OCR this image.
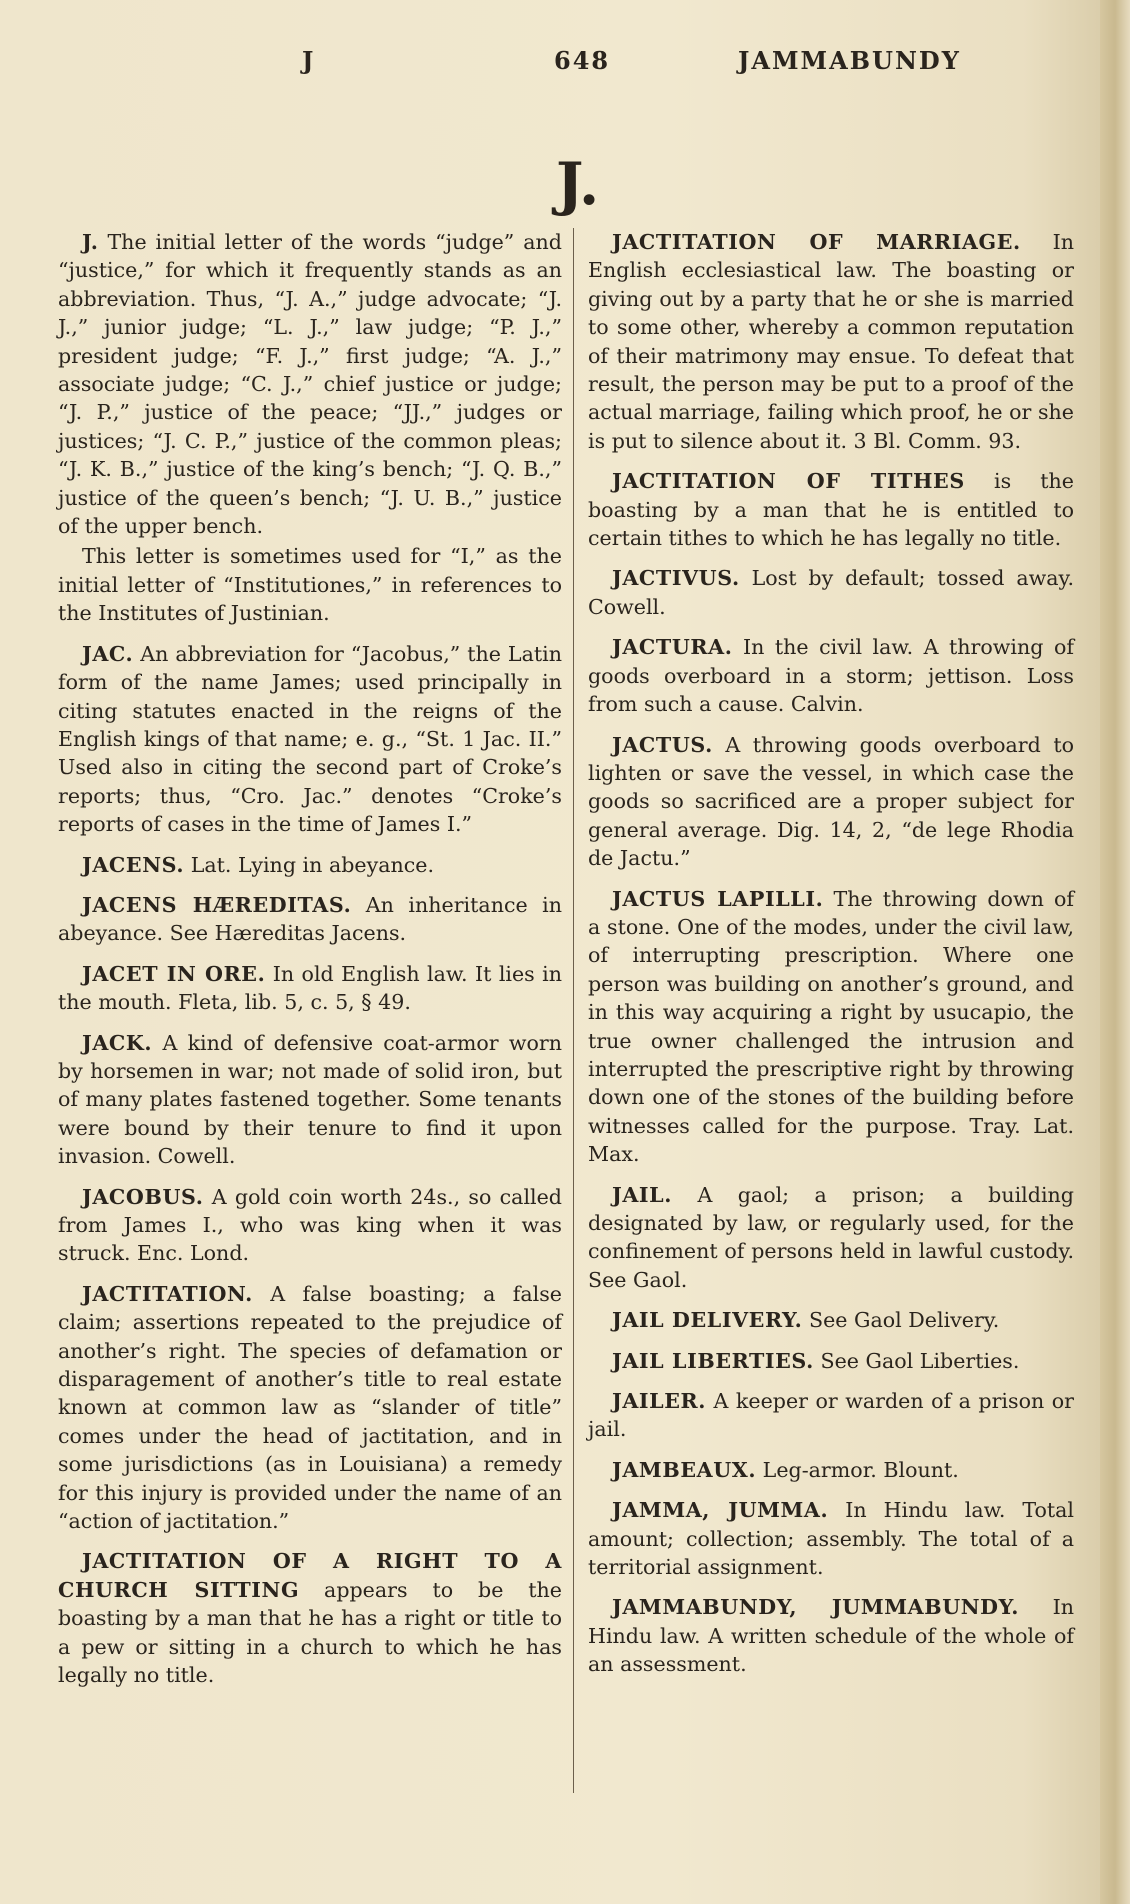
J	648	JAMMABUNDY
J.

J. The initial letter of the words “judge” and “justice,” for which it frequently stands as an abbreviation. Thus, “J. A.,” judge advocate; “J. J.,” junior judge; “L. J.,” law judge; “P. J.,” president judge; “F. J.,” first judge; “A. J.,” associate judge; “C. J.,” chief justice or judge; “J. P.,” justice of the peace; “JJ.,” judges or justices; “J. C. P.,” justice of the common pleas; “J. K. B.,” justice of the king’s bench; “J. Q. B.,” justice of the queen’s bench; “J. U. B.,” justice of the upper bench.

This letter is sometimes used for “I,” as the initial letter of “Institutiones,” in references to the Institutes of Justinian.

JAC. An abbreviation for “Jacobus,” the Latin form of the name James; used principally in citing statutes enacted in the reigns of the English kings of that name; e. g., “St. 1 Jac. II.” Used also in citing the second part of Croke’s reports; thus, “Cro. Jac.” denotes “Croke’s reports of cases in the time of James I.”

JACENS. Lat. Lying in abeyance.

JACENS HÆREDITAS. An inheritance in abeyance. See Hæreditas Jacens.

JACET IN ORE. In old English law. It lies in the mouth. Fleta, lib. 5, c. 5, § 49.

JACK. A kind of defensive coat-armor worn by horsemen in war; not made of solid iron, but of many plates fastened together. Some tenants were bound by their tenure to find it upon invasion. Cowell.

JACOBUS. A gold coin worth 24s., so called from James I., who was king when it was struck. Enc. Lond.

JACTITATION. A false boasting; a false claim; assertions repeated to the prejudice of another’s right. The species of defamation or disparagement of another’s title to real estate known at common law as “slander of title” comes under the head of jactitation, and in some jurisdictions (as in Louisiana) a remedy for this injury is provided under the name of an “action of jactitation.”

JACTITATION OF A RIGHT TO A CHURCH SITTING appears to be the boasting by a man that he has a right or title to a pew or sitting in a church to which he has legally no title.

JACTITATION OF MARRIAGE. In English ecclesiastical law. The boasting or giving out by a party that he or she is married to some other, whereby a common reputation of their matrimony may ensue. To defeat that result, the person may be put to a proof of the actual marriage, failing which proof, he or she is put to silence about it. 3 Bl. Comm. 93.

JACTITATION OF TITHES is the boasting by a man that he is entitled to certain tithes to which he has legally no title.

JACTIVUS. Lost by default; tossed away. Cowell.

JACTURA. In the civil law. A throwing of goods overboard in a storm; jettison. Loss from such a cause. Calvin.

JACTUS. A throwing goods overboard to lighten or save the vessel, in which case the goods so sacrificed are a proper subject for general average. Dig. 14, 2, “de lege Rhodia de Jactu.”

JACTUS LAPILLI. The throwing down of a stone. One of the modes, under the civil law, of interrupting prescription. Where one person was building on another’s ground, and in this way acquiring a right by usucapio, the true owner challenged the intrusion and interrupted the prescriptive right by throwing down one of the stones of the building before witnesses called for the purpose. Tray. Lat. Max.

JAIL. A gaol; a prison; a building designated by law, or regularly used, for the confinement of persons held in lawful custody. See Gaol.

JAIL DELIVERY. See Gaol Delivery.

JAIL LIBERTIES. See Gaol Liberties.

JAILER. A keeper or warden of a prison or jail.

JAMBEAUX. Leg-armor. Blount.

JAMMA, JUMMA. In Hindu law. Total amount; collection; assembly. The total of a territorial assignment.

JAMMABUNDY, JUMMABUNDY. In Hindu law. A written schedule of the whole of an assessment.
